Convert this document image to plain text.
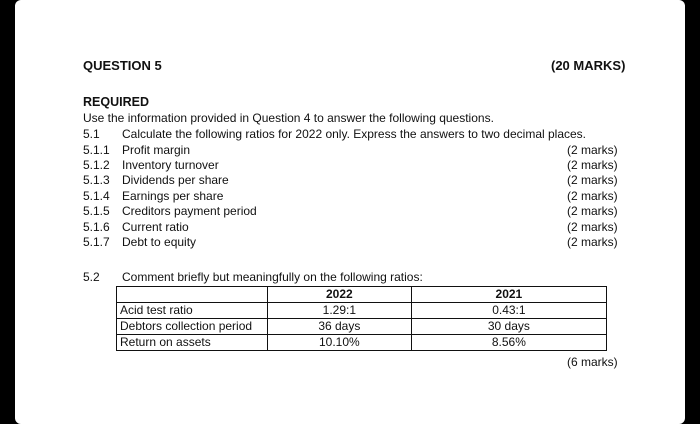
QUESTION 5	(20 MARKS)
REQUIRED
Use the information provided in Question 4 to answer the following questions.
5.1 Calculate the following ratios for 2022 only. Express the answers to two decimal places.
5.1.1 Profit margin	(2 marks)
5.1.2 Inventory turnover	(2 marks)
5.1.3 Dividends per share	(2 marks)
5.1.4 Earnings per share	(2 marks)
5.1.5 Creditors payment period	(2 marks)
5.1.6 Current ratio	(2 marks)
5.1.7 Debt to equity	(2 marks)
5.2 Comment briefly but meaningfully on the following ratios:
	2022	2021
Acid test ratio	1.29:1	0.43:1
Debtors collection period	36 days	30 days
Return on assets	10.10%	8.56%
(6 marks)
